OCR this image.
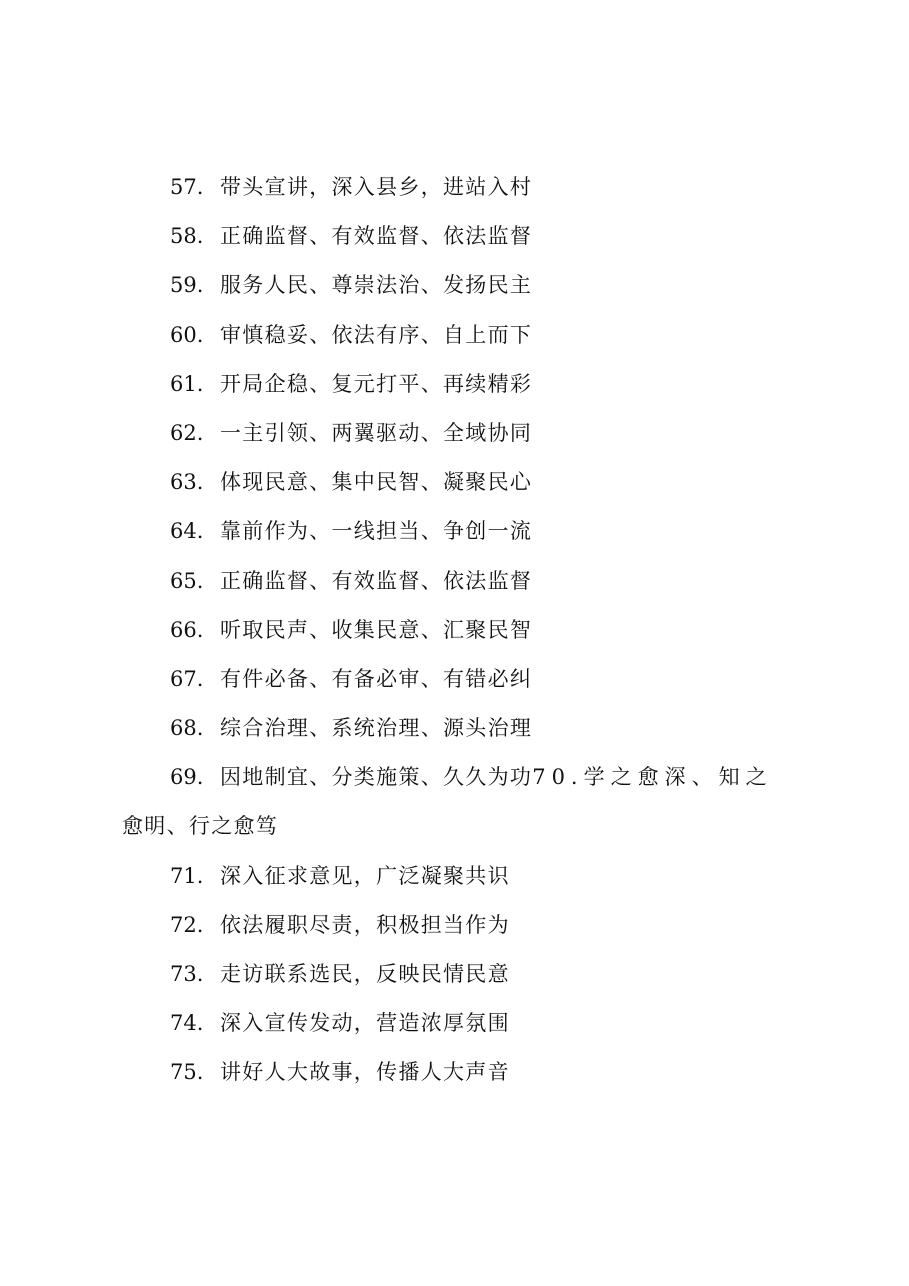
57. 带头宣讲，深入县乡，进站入村
58. 正确监督、有效监督、依法监督
59. 服务人民、尊崇法治、发扬民主
60. 审慎稳妥、依法有序、自上而下
61. 开局企稳、复元打平、再续精彩
62. 一主引领、两翼驱动、全域协同
63. 体现民意、集中民智、凝聚民心
64. 靠前作为、一线担当、争创一流
65. 正确监督、有效监督、依法监督
66. 听取民声、收集民意、汇聚民智
67. 有件必备、有备必审、有错必纠
68. 综合治理、系统治理、源头治理
69. 因地制宜、分类施策、久久为功70.学之愈深、知之
愈明、行之愈笃
71. 深入征求意见，广泛凝聚共识
72. 依法履职尽责，积极担当作为
73. 走访联系选民，反映民情民意
74. 深入宣传发动，营造浓厚氛围
75. 讲好人大故事，传播人大声音
